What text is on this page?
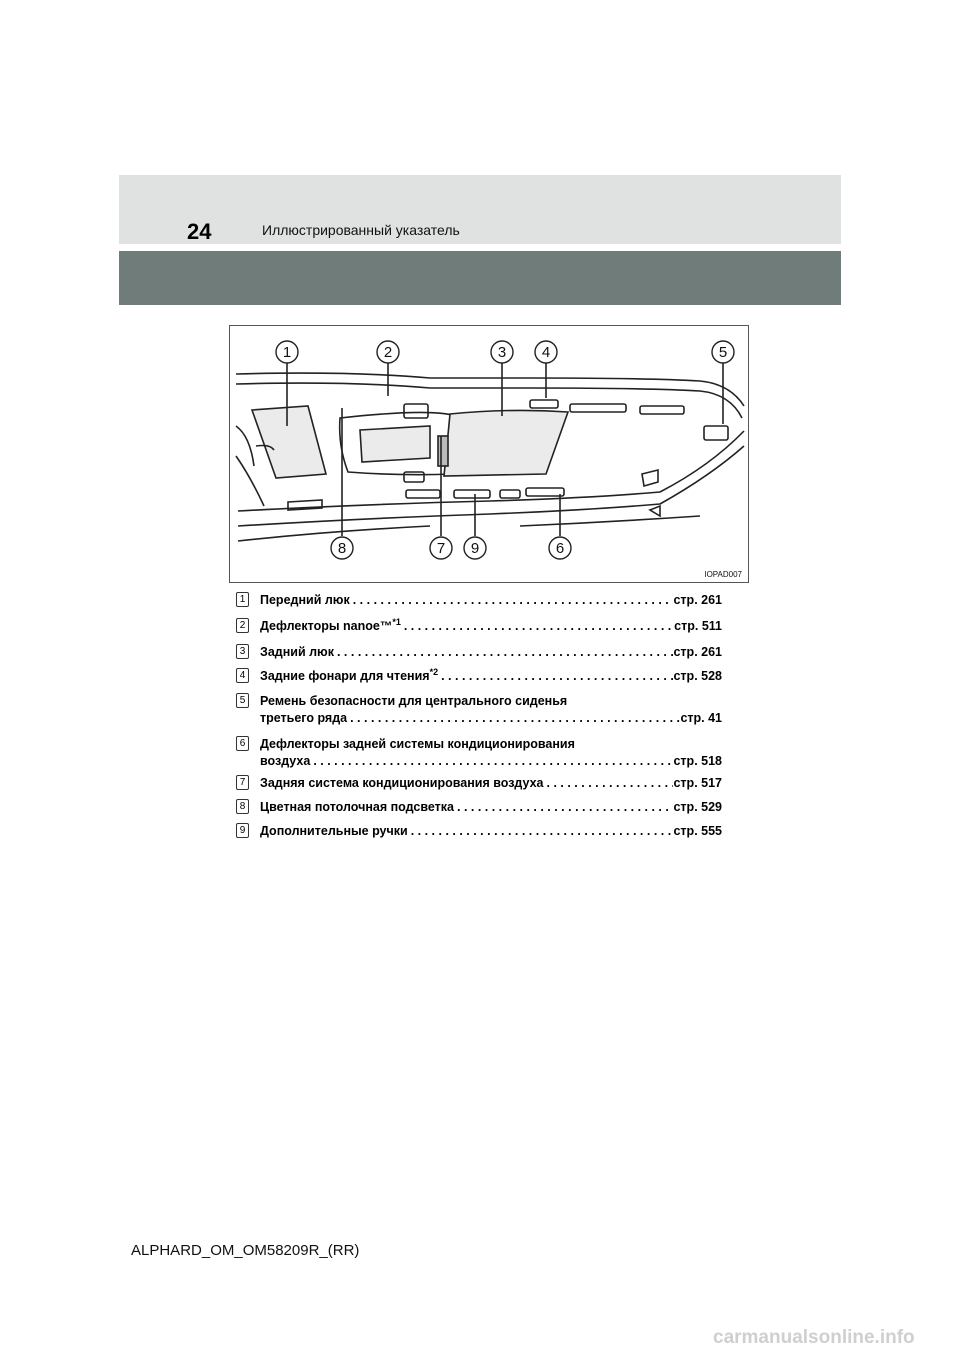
24	Иллюстрированный указатель
1	2	3 4	5
8	7 9	6
IOPAD007
1 Передний люк . . .	стр. 261
2 Дефлекторы nanoe™$^{*1}$ . . .	стр. 511
3 Задний люк . . .	стр. 261
4 Задние фонари для чтения$^{*2}$ . . .	стр. 528
5 Ремень безопасности для центрального сиденья
третьего ряда . . .	стр. 41
6 Дефлекторы задней системы кондиционирования
воздуха . . .	стр. 518
7 Задняя система кондиционирования воздуха . . .	стр. 517
8 Цветная потолочная подсветка . . .	стр. 529
9 Дополнительные ручки . . .	стр. 555
ALPHARD_OM_OM58209R_(RR)
carmanualsonline.info
